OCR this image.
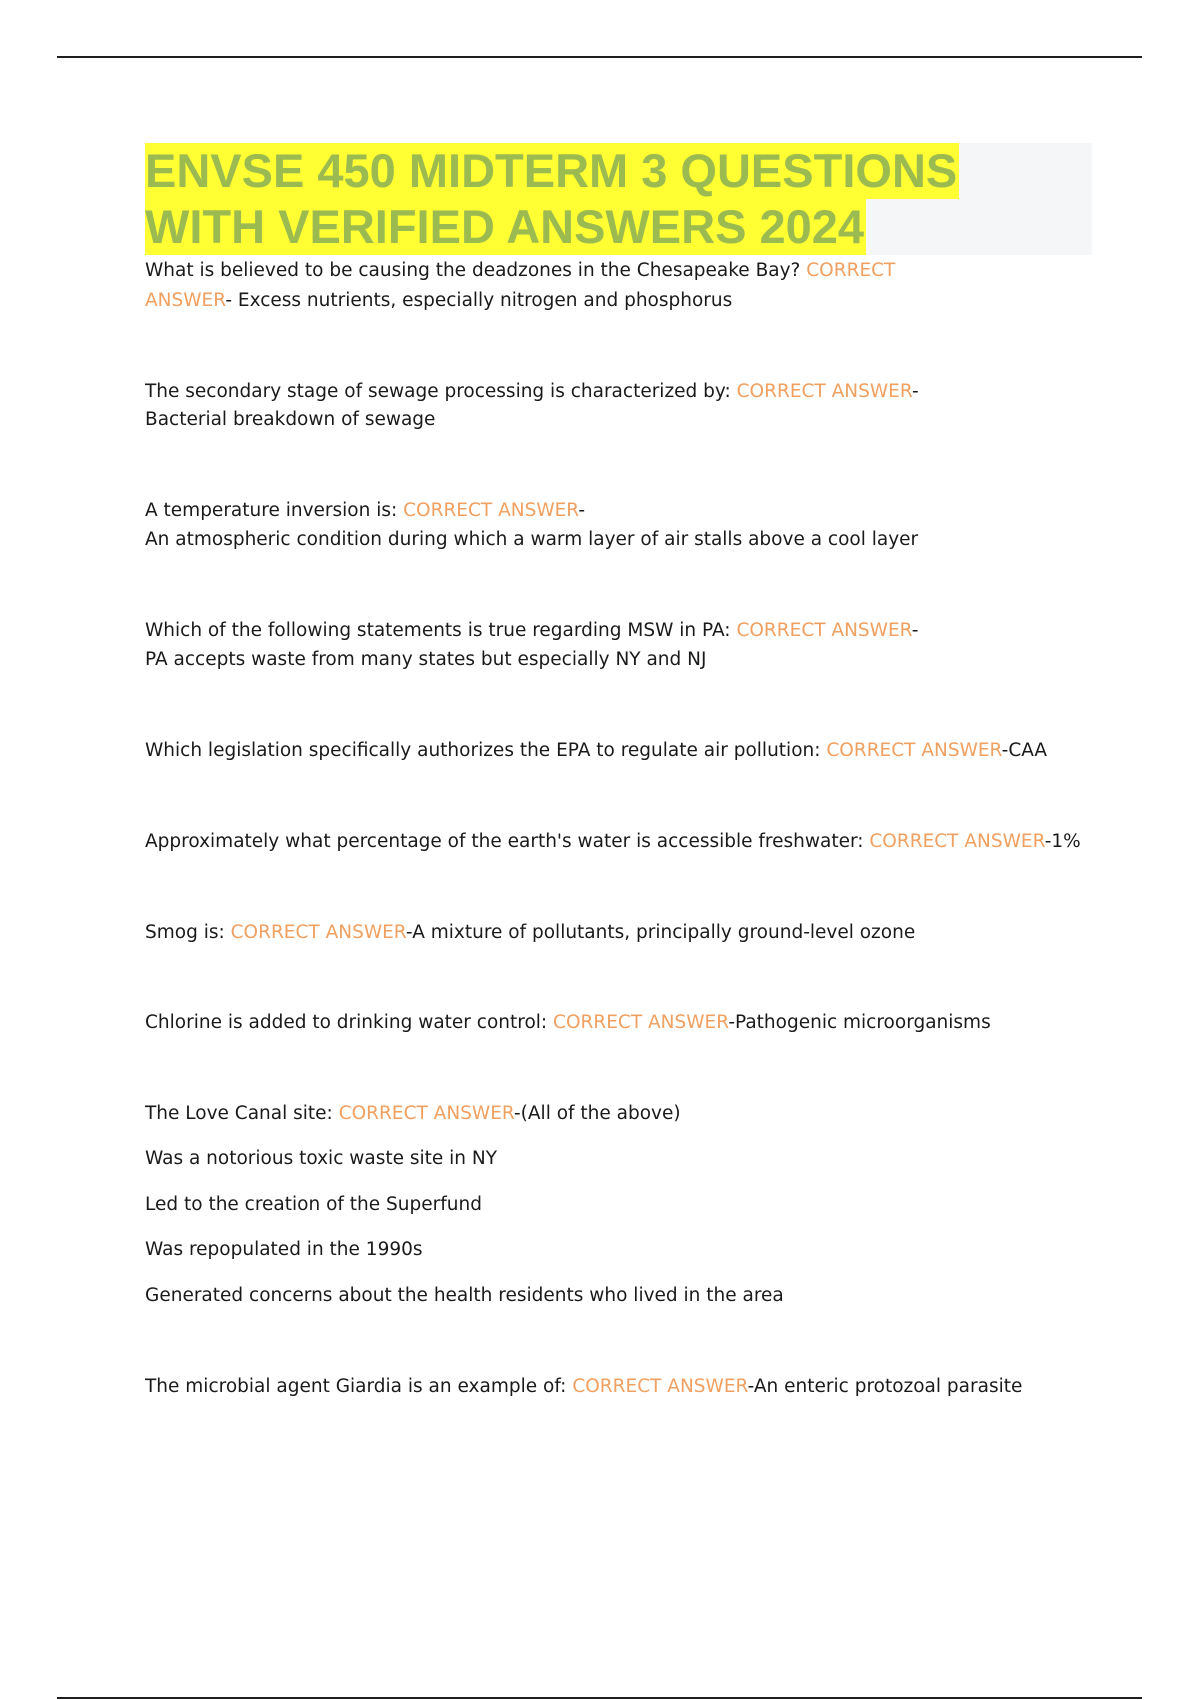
ENVSE 450 MIDTERM 3 QUESTIONS
WITH VERIFIED ANSWERS 2024
What is believed to be causing the deadzones in the Chesapeake Bay? CORRECT
ANSWER- Excess nutrients, especially nitrogen and phosphorus
The secondary stage of sewage processing is characterized by: CORRECT ANSWER-
Bacterial breakdown of sewage
A temperature inversion is: CORRECT ANSWER-
An atmospheric condition during which a warm layer of air stalls above a cool layer
Which of the following statements is true regarding MSW in PA: CORRECT ANSWER-
PA accepts waste from many states but especially NY and NJ
Which legislation specifically authorizes the EPA to regulate air pollution: CORRECT ANSWER-CAA
Approximately what percentage of the earth's water is accessible freshwater: CORRECT ANSWER-1%
Smog is: CORRECT ANSWER-A mixture of pollutants, principally ground-level ozone
Chlorine is added to drinking water control: CORRECT ANSWER-Pathogenic microorganisms
The Love Canal site: CORRECT ANSWER-(All of the above)
Was a notorious toxic waste site in NY
Led to the creation of the Superfund
Was repopulated in the 1990s
Generated concerns about the health residents who lived in the area
The microbial agent Giardia is an example of: CORRECT ANSWER-An enteric protozoal parasite
